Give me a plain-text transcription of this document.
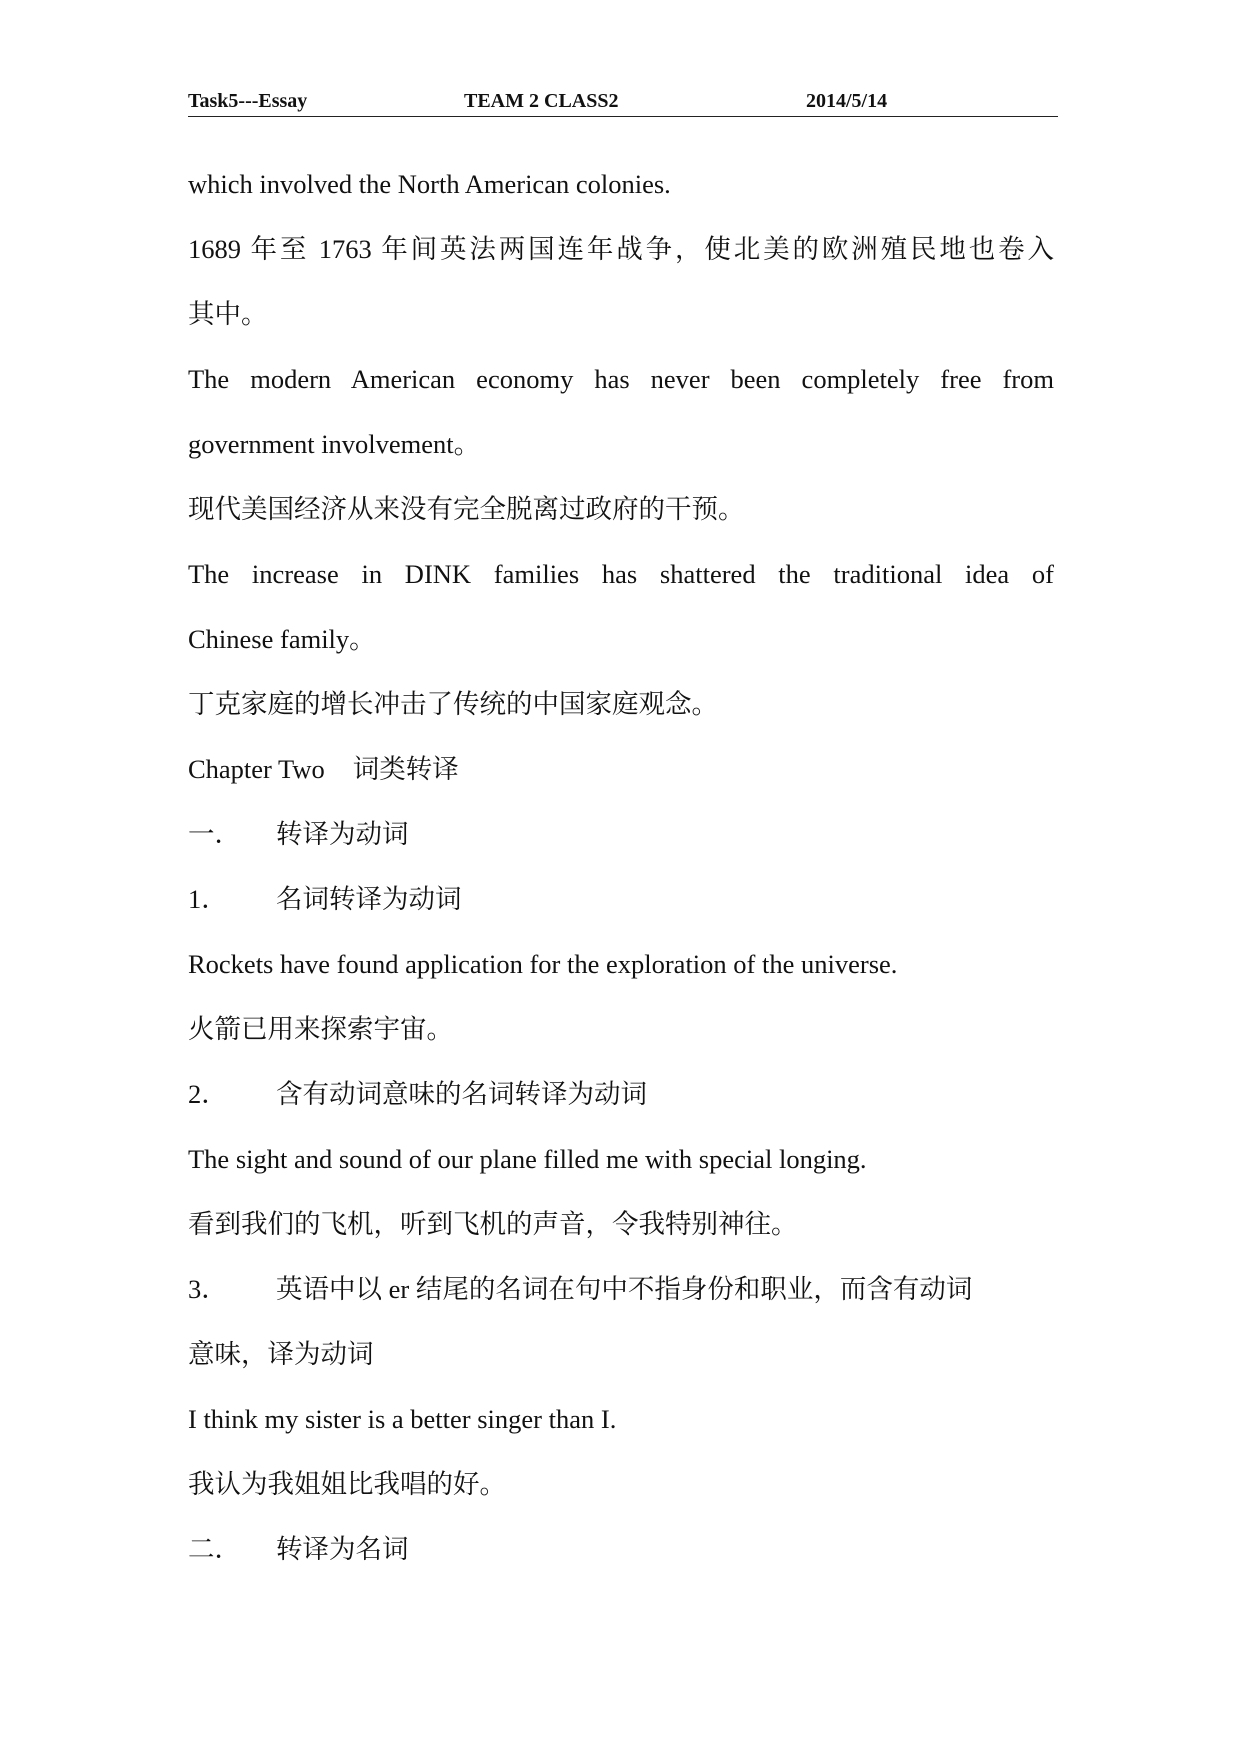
Task5---Essay	TEAM 2 CLASS2	2014/5/14
which involved the North American colonies.
1689 年至 1763 年间英法两国连年战争，使北美的欧洲殖民地也卷入
其中。
The modern American economy has never been completely free from
government involvement。
现代美国经济从来没有完全脱离过政府的干预。
The increase in DINK families has shattered the traditional idea of
Chinese family。
丁克家庭的增长冲击了传统的中国家庭观念。
Chapter Two 词类转译
一． 转译为动词
1． 名词转译为动词
Rockets have found application for the exploration of the universe.
火箭已用来探索宇宙。
2． 含有动词意味的名词转译为动词
The sight and sound of our plane filled me with special longing.
看到我们的飞机，听到飞机的声音，令我特别神往。
3． 英语中以 er 结尾的名词在句中不指身份和职业，而含有动词
意味，译为动词
I think my sister is a better singer than I.
我认为我姐姐比我唱的好。
二． 转译为名词
